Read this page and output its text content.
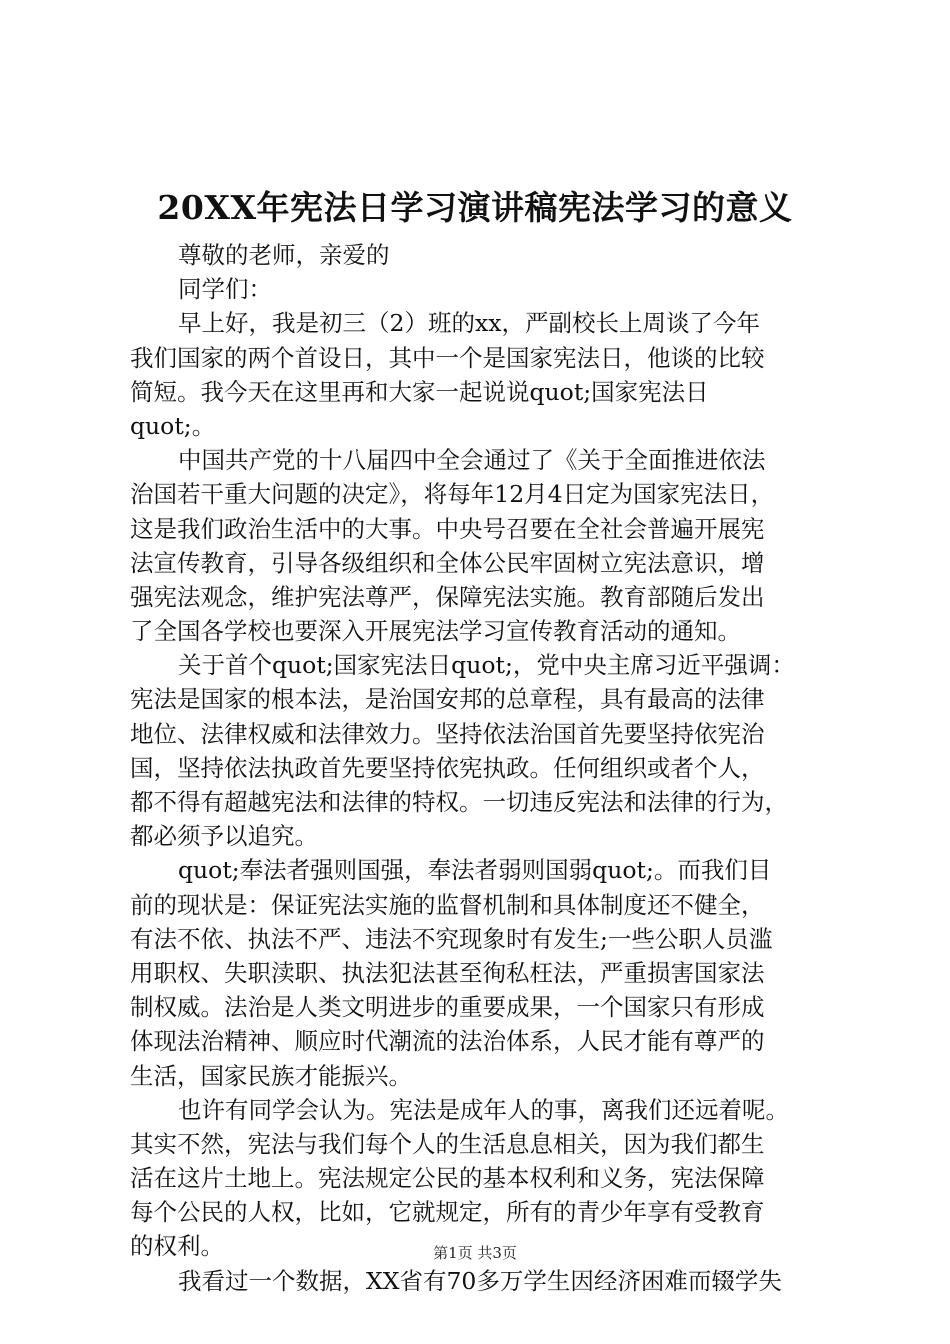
20XX年宪法日学习演讲稿宪法学习的意义
尊敬的老师，亲爱的
同学们：
早上好，我是初三（2）班的xx，严副校长上周谈了今年
我们国家的两个首设日，其中一个是国家宪法日，他谈的比较
简短。我今天在这里再和大家一起说说quot;国家宪法日
quot;。
中国共产党的十八届四中全会通过了《关于全面推进依法
治国若干重大问题的决定》，将每年12月4日定为国家宪法日，
这是我们政治生活中的大事。中央号召要在全社会普遍开展宪
法宣传教育，引导各级组织和全体公民牢固树立宪法意识，增
强宪法观念，维护宪法尊严，保障宪法实施。教育部随后发出
了全国各学校也要深入开展宪法学习宣传教育活动的通知。
关于首个quot;国家宪法日quot;，党中央主席习近平强调：
宪法是国家的根本法，是治国安邦的总章程，具有最高的法律
地位、法律权威和法律效力。坚持依法治国首先要坚持依宪治
国，坚持依法执政首先要坚持依宪执政。任何组织或者个人，
都不得有超越宪法和法律的特权。一切违反宪法和法律的行为，
都必须予以追究。
quot;奉法者强则国强，奉法者弱则国弱quot;。而我们目
前的现状是：保证宪法实施的监督机制和具体制度还不健全，
有法不依、执法不严、违法不究现象时有发生;一些公职人员滥
用职权、失职渎职、执法犯法甚至徇私枉法，严重损害国家法
制权威。法治是人类文明进步的重要成果，一个国家只有形成
体现法治精神、顺应时代潮流的法治体系，人民才能有尊严的
生活，国家民族才能振兴。
也许有同学会认为。宪法是成年人的事，离我们还远着呢。
其实不然，宪法与我们每个人的生活息息相关，因为我们都生
活在这片土地上。宪法规定公民的基本权利和义务，宪法保障
每个公民的人权，比如，它就规定，所有的青少年享有受教育
的权利。
我看过一个数据，XX省有70多万学生因经济困难而辍学失
第1页 共3页
